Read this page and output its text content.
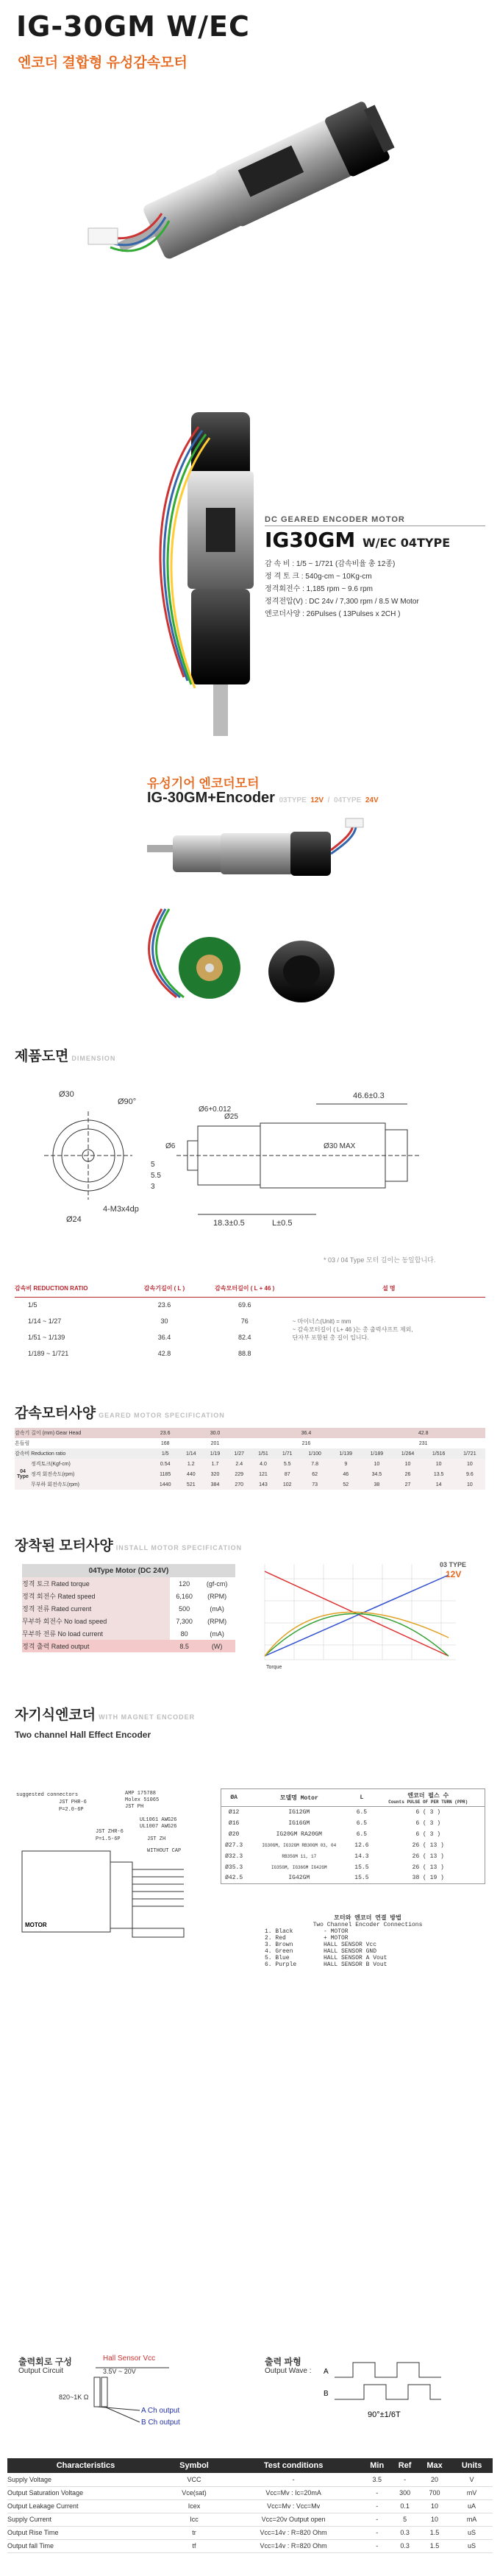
IG-30GM W/EC
엔코더 결합형 유성감속모터
DC GEARED ENCODER MOTOR
IG30GM W/EC 04TYPE
감 속 비 : 1/5 ~ 1/721 (감속비율 총 12종)
정 격 토 크 : 540g-cm ~ 10Kg-cm
정격회전수 : 1,185 rpm ~ 9.6 rpm
정격전압(V) : DC 24v / 7,300 rpm / 8.5 W Motor
엔코더사양 : 26Pulses ( 13Pulses x 2CH )
유성기어 엔코더모터
IG-30GM+Encoder 03TYPE 12V / 04TYPE 24V
제품도면 DIMENSION
Ø30
Ø90°
Ø24
4-M3x4dp
46.6±0.3
18.3±0.5	L±0.5
Ø6
Ø25
Ø30 MAX
5.5
5
3
Ø6+0.012
* 03 / 04 Type 모터 길이는 동일합니다.
감속비 REDUCTION RATIO	감속기길이 ( L )	감속모터길이 ( L + 46 )	설 명
1/5	23.6	69.6	~ 마이너스(Unit) = mm
~ 감속모터길이 ( L+ 46 )는 총 출력샤프트 제외,
단자부 포함된 총 길이 입니다.

1/14 ~ 1/27	30	76	
1/51 ~ 1/139	36.4	82.4	
1/189 ~ 1/721	42.8	88.8	
감속모터사양 GEARED MOTOR SPECIFICATION
감속기 길이 (mm) Gear Head		23.6	30.0			36.4				42.8			
흔들림		168	201			216				231			
감속비 Reduction ratio		1/5	1/14	1/19	1/27	1/51	1/71	1/100	1/139	1/189	1/264	1/516	1/721
04 Type	정격토크(Kgf-cm)	0.54	1.2	1.7	2.4	4.0	5.5	7.8	9	10	10	10	10
	정격 회전속도(rpm)	1185	440	320	229	121	87	62	46	34.5	26	13.5	9.6
	무부하 회전속도(rpm)	1440	521	384	270	143	102	73	52	38	27	14	10
장착된 모터사양 INSTALL MOTOR SPECIFICATION
04Type Motor (DC 24V)		
정격 토크 Rated torque	120	(gf-cm)
정격 회전수 Rated speed	6,160	(RPM)
정격 전류 Rated current	500	(mA)
무부하 회전수 No load speed	7,300	(RPM)
무부하 전류 No load current	80	(mA)
정격 출력 Rated output	8.5	(W)
03 TYPE
12V
Torque
자기식엔코더 WITH MAGNET ENCODER
Two channel Hall Effect Encoder
suggested connectors
JST PHR-6
P=2.0-6P
AMP 175788
Molex 51065
JST PH
UL1061 AWG26
UL1007 AWG26
JST ZHR-6
P=1.5-6P	JST ZH
WITHOUT CAP
MOTOR
ØA	모델명 Motor	L	엔코더 펄스 수
Counts PULSE OF PER TURN (PPR)

Ø12	IG12GM	6.5	6 ( 3 )
Ø16	IG16GM	6.5	6 ( 3 )
Ø20	IG20GM RA20GM	6.5	6 ( 3 )
Ø27.3	IG30GM, IG32GM RB30GM 03, 04	12.6	26 ( 13 )
Ø32.3	RB35GM 11, 17	14.3	26 ( 13 )
Ø35.3	IG35GM, IG36GM IG42GM	15.5	26 ( 13 )
Ø42.5	IG42GM	15.5	38 ( 19 )
모터와 엔코더 연결 방법
Two Channel Encoder Connections
1. Black	- MOTOR
2. Red	+ MOTOR
3. Brown	HALL SENSOR Vcc
4. Green	HALL SENSOR GND
5. Blue	HALL SENSOR A Vout
6. Purple	HALL SENSOR B Vout
출력회로 구성
Output Circuit
Hall Sensor Vcc
3.5V ~ 20V
820~1K Ω
A Ch output
B Ch output
출력 파형
Output Wave : A
B
90°±1/6T
Characteristics	Symbol	Test conditions	Min	Ref	Max	Units
Supply Voltage	VCC	-	3.5	-	20	V
Output Saturation Voltage	Vce(sat)	Vcc=Mv : Ic=20mA	-	300	700	mV
Output Leakage Current	Icex	Vcc=Mv : Vcc=Mv	-	0.1	10	uA
Supply Current	Icc	Vcc=20v Output open	-	5	10	mA
Output Rise Time	tr	Vcc=14v : R=820 Ohm	-	0.3	1.5	uS
Output fall Time	tf	Vcc=14v : R=820 Ohm	-	0.3	1.5	uS
